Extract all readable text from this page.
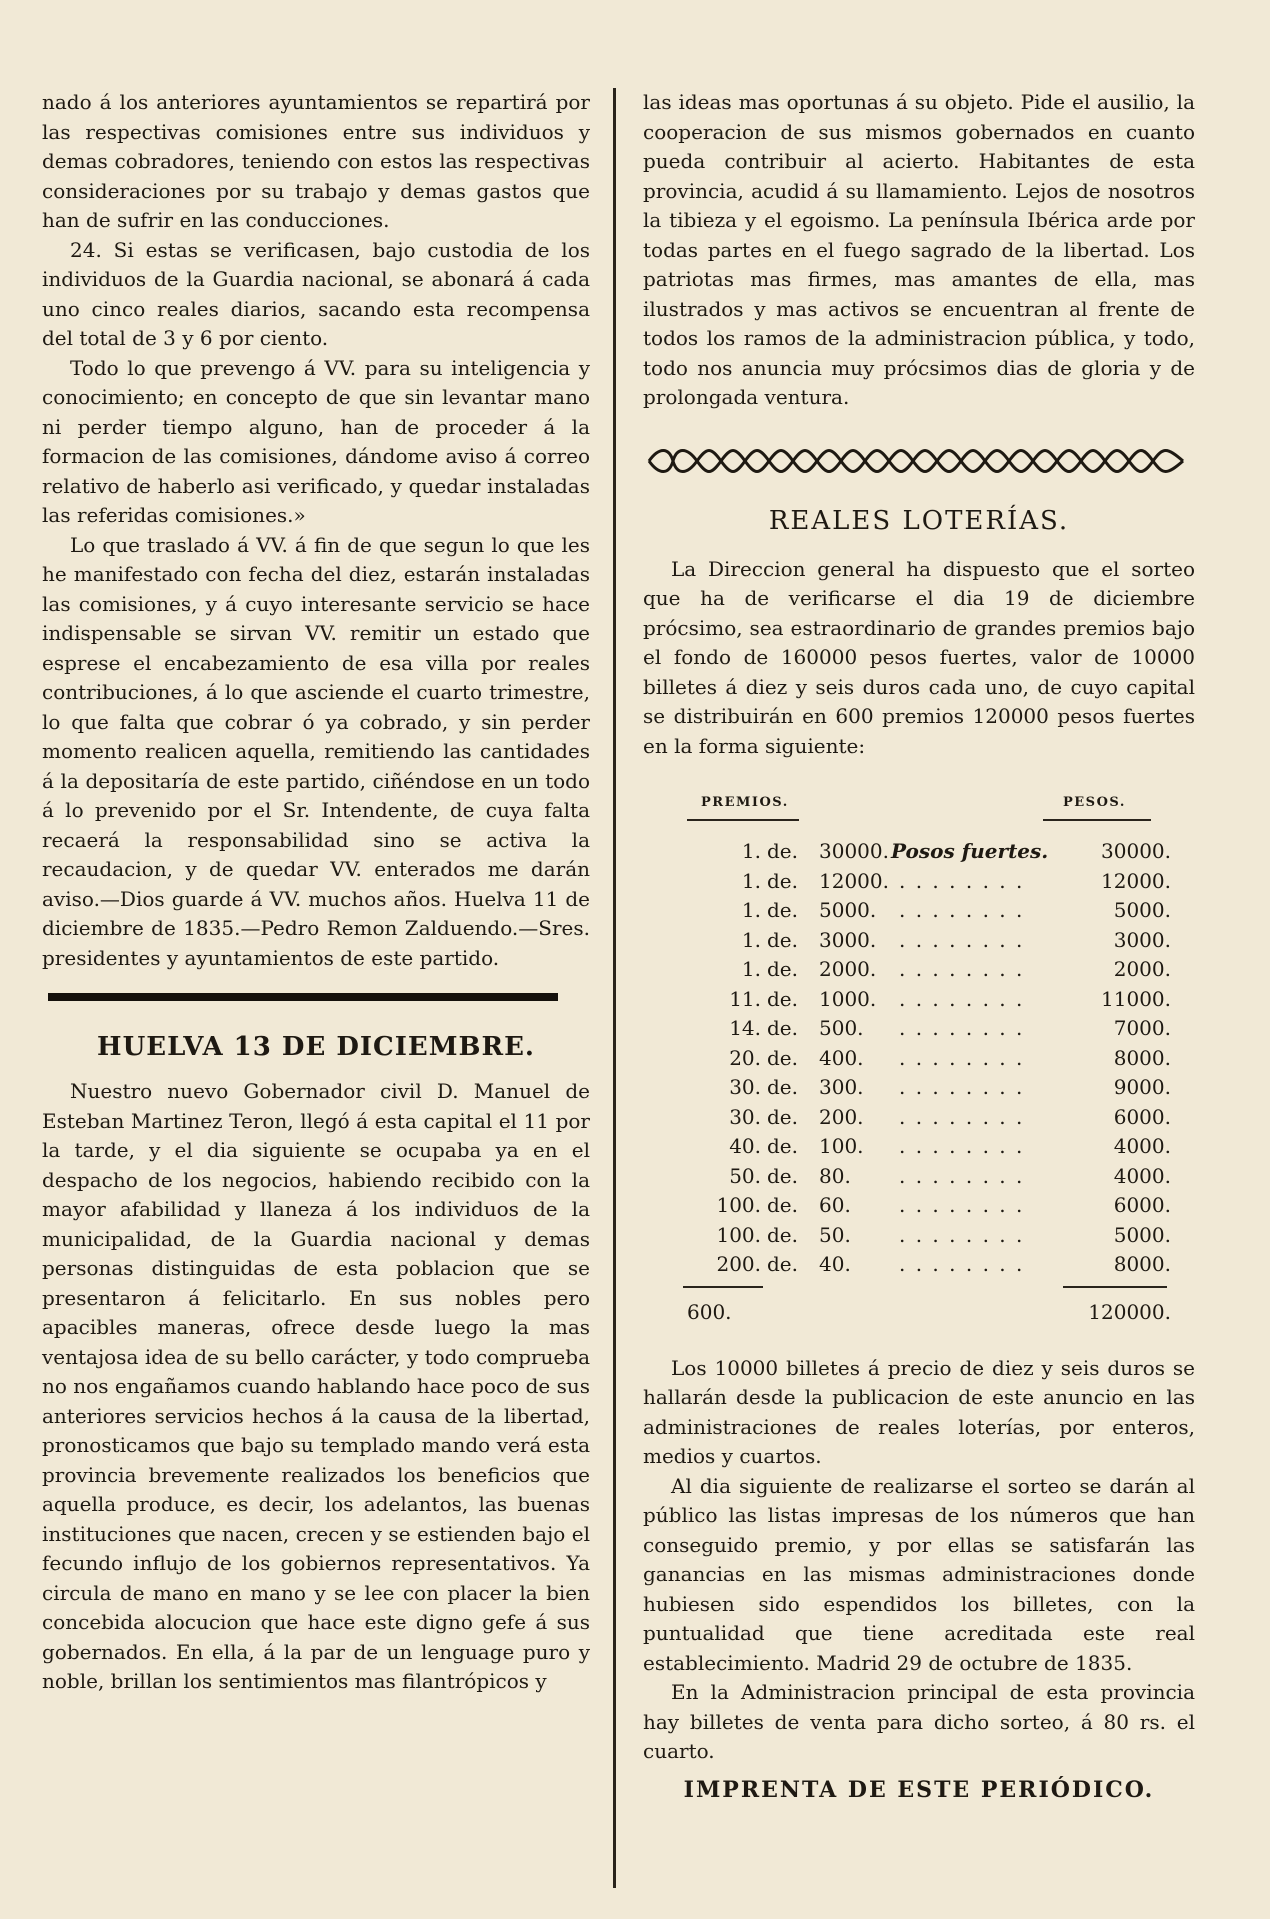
nado á los anteriores ayuntamientos se repartirá por las respectivas comisiones entre sus individuos y demas cobradores, teniendo con estos las respectivas consideraciones por su trabajo y demas gastos que han de sufrir en las conducciones.

24. Si estas se verificasen, bajo custodia de los individuos de la Guardia nacional, se abonará á cada uno cinco reales diarios, sacando esta recompensa del total de 3 y 6 por ciento.

Todo lo que prevengo á VV. para su inteligencia y conocimiento; en concepto de que sin levantar mano ni perder tiempo alguno, han de proceder á la formacion de las comisiones, dándome aviso á correo relativo de haberlo asi verificado, y quedar instaladas las referidas comisiones.»

Lo que traslado á VV. á fin de que segun lo que les he manifestado con fecha del diez, estarán instaladas las comisiones, y á cuyo interesante servicio se hace indispensable se sirvan VV. remitir un estado que esprese el encabezamiento de esa villa por reales contribuciones, á lo que asciende el cuarto trimestre, lo que falta que cobrar ó ya cobrado, y sin perder momento realicen aquella, remitiendo las cantidades á la depositaría de este partido, ciñéndose en un todo á lo prevenido por el Sr. Intendente, de cuya falta recaerá la responsabilidad sino se activa la recaudacion, y de quedar VV. enterados me darán aviso.—Dios guarde á VV. muchos años. Huelva 11 de diciembre de 1835.—Pedro Remon Zalduendo.—Sres. presidentes y ayuntamientos de este partido.

HUELVA 13 DE DICIEMBRE.

Nuestro nuevo Gobernador civil D. Manuel de Esteban Martinez Teron, llegó á esta capital el 11 por la tarde, y el dia siguiente se ocupaba ya en el despacho de los negocios, habiendo recibido con la mayor afabilidad y llaneza á los individuos de la municipalidad, de la Guardia nacional y demas personas distinguidas de esta poblacion que se presentaron á felicitarlo. En sus nobles pero apacibles maneras, ofrece desde luego la mas ventajosa idea de su bello carácter, y todo comprueba no nos engañamos cuando hablando hace poco de sus anteriores servicios hechos á la causa de la libertad, pronosticamos que bajo su templado mando verá esta provincia brevemente realizados los beneficios que aquella produce, es decir, los adelantos, las buenas instituciones que nacen, crecen y se estienden bajo el fecundo influjo de los gobiernos representativos. Ya circula de mano en mano y se lee con placer la bien concebida alocucion que hace este digno gefe á sus gobernados. En ella, á la par de un lenguage puro y noble, brillan los sentimientos mas filantrópicos y

las ideas mas oportunas á su objeto. Pide el ausilio, la cooperacion de sus mismos gobernados en cuanto pueda contribuir al acierto. Habitantes de esta provincia, acudid á su llamamiento. Lejos de nosotros la tibieza y el egoismo. La península Ibérica arde por todas partes en el fuego sagrado de la libertad. Los patriotas mas firmes, mas amantes de ella, mas ilustrados y mas activos se encuentran al frente de todos los ramos de la administracion pública, y todo, todo nos anuncia muy prócsimos dias de gloria y de prolongada ventura.

REALES LOTERÍAS.

La Direccion general ha dispuesto que el sorteo que ha de verificarse el dia 19 de diciembre prócsimo, sea estraordinario de grandes premios bajo el fondo de 160000 pesos fuertes, valor de 10000 billetes á diez y seis duros cada uno, de cuyo capital se distribuirán en 600 premios 120000 pesos fuertes en la forma siguiente:

PREMIOS.	PESOS.
1. de. 30000. Posos fuertes.	30000.
1. de. 12000. . . . . . . . .	12000.
1. de. 5000. . . . . . . . .	5000.
1. de. 3000. . . . . . . . .	3000.
1. de. 2000. . . . . . . . .	2000.
11. de. 1000. . . . . . . . .	11000.
14. de. 500. . . . . . . . .	7000.
20. de. 400. . . . . . . . .	8000.
30. de. 300. . . . . . . . .	9000.
30. de. 200. . . . . . . . .	6000.
40. de. 100. . . . . . . . .	4000.
50. de. 80. . . . . . . . .	4000.
100. de. 60. . . . . . . . .	6000.
100. de. 50. . . . . . . . .	5000.
200. de. 40. . . . . . . . .	8000.
600.	120000.

Los 10000 billetes á precio de diez y seis duros se hallarán desde la publicacion de este anuncio en las administraciones de reales loterías, por enteros, medios y cuartos.

Al dia siguiente de realizarse el sorteo se darán al público las listas impresas de los números que han conseguido premio, y por ellas se satisfarán las ganancias en las mismas administraciones donde hubiesen sido espendidos los billetes, con la puntualidad que tiene acreditada este real establecimiento. Madrid 29 de octubre de 1835.

En la Administracion principal de esta provincia hay billetes de venta para dicho sorteo, á 80 rs. el cuarto.

IMPRENTA DE ESTE PERIÓDICO.
